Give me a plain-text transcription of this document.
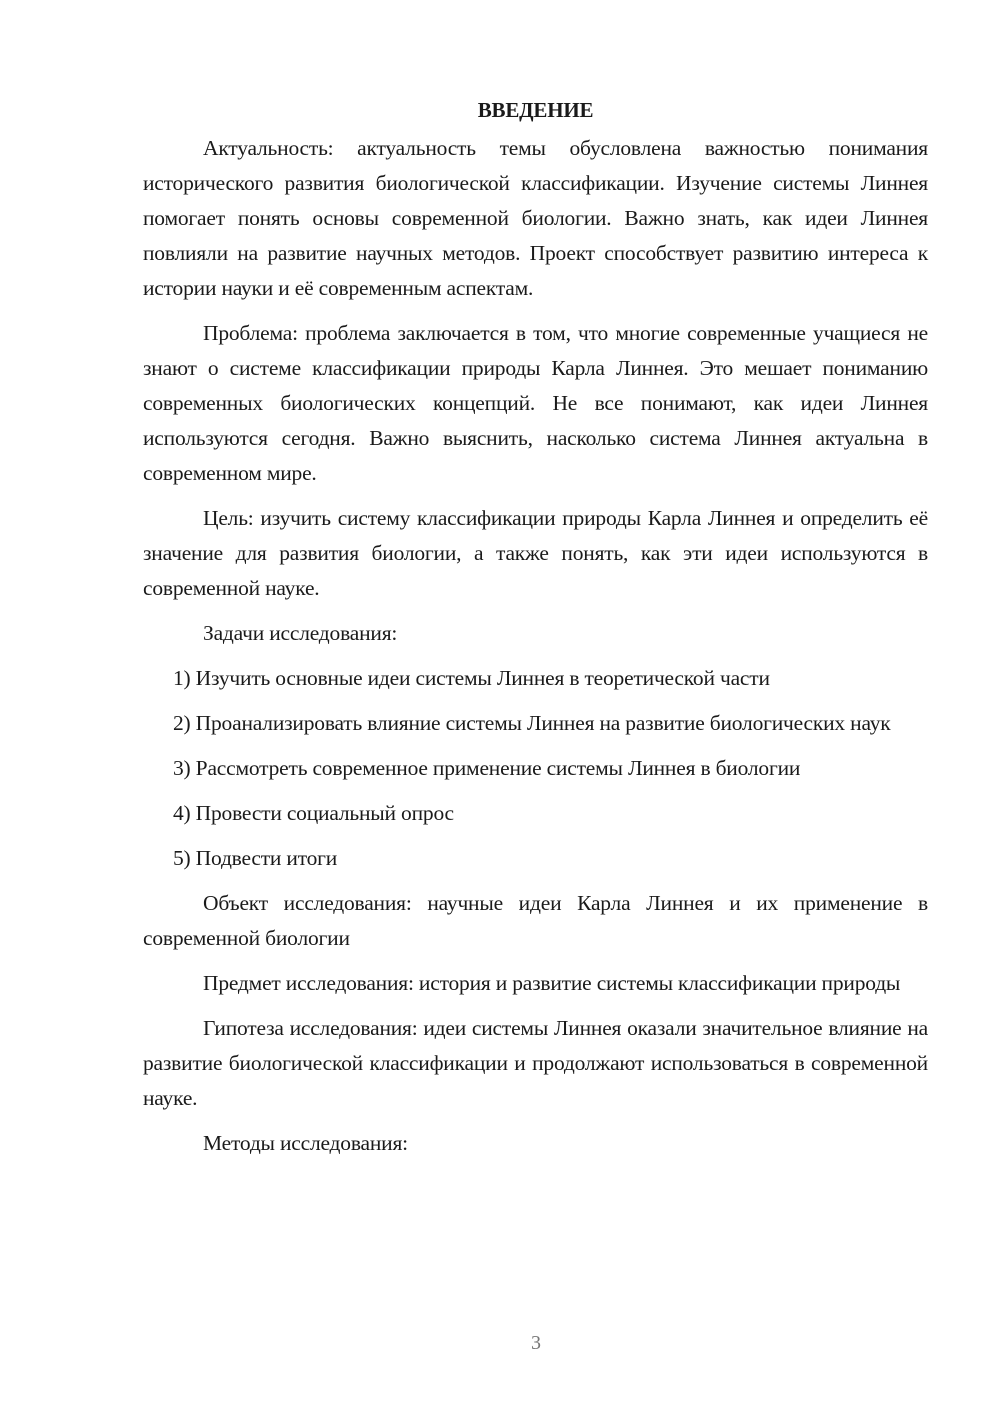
ВВЕДЕНИЕ

Актуальность: актуальность темы обусловлена важностью понимания исторического развития биологической классификации. Изучение системы Линнея помогает понять основы современной биологии. Важно знать, как идеи Линнея повлияли на развитие научных методов. Проект способствует развитию интереса к истории науки и её современным аспектам.

Проблема: проблема заключается в том, что многие современные учащиеся не знают о системе классификации природы Карла Линнея. Это мешает пониманию современных биологических концепций. Не все понимают, как идеи Линнея используются сегодня. Важно выяснить, насколько система Линнея актуальна в современном мире.

Цель: изучить систему классификации природы Карла Линнея и определить её значение для развития биологии, а также понять, как эти идеи используются в современной науке.

Задачи исследования:

1) Изучить основные идеи системы Линнея в теоретической части

2) Проанализировать влияние системы Линнея на развитие биологических наук

3) Рассмотреть современное применение системы Линнея в биологии

4) Провести социальный опрос

5) Подвести итоги

Объект исследования: научные идеи Карла Линнея и их применение в современной биологии

Предмет исследования: история и развитие системы классификации природы

Гипотеза исследования: идеи системы Линнея оказали значительное влияние на развитие биологической классификации и продолжают использоваться в современной науке.

Методы исследования:

3
